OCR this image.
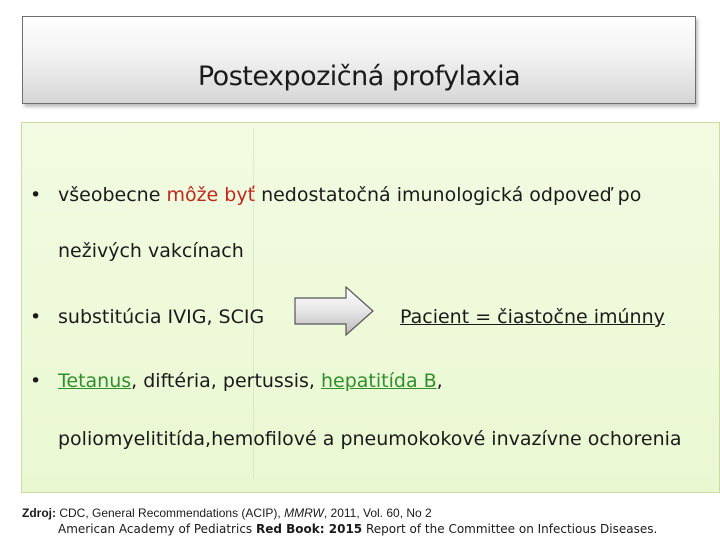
Postexpozičná profylaxia
• všeobecne môže byť nedostatočná imunologická odpoveď po
neživých vakcínach
• substitúcia IVIG, SCIG	Pacient = čiastočne imúnny
• Tetanus, diftéria, pertussis, hepatitída B,
poliomyelititída,hemofilové a pneumokokové invazívne ochorenia
Zdroj: CDC, General Recommendations (ACIP), MMRW, 2011, Vol. 60, No 2
American Academy of Pediatrics Red Book: 2015 Report of the Committee on Infectious Diseases.
